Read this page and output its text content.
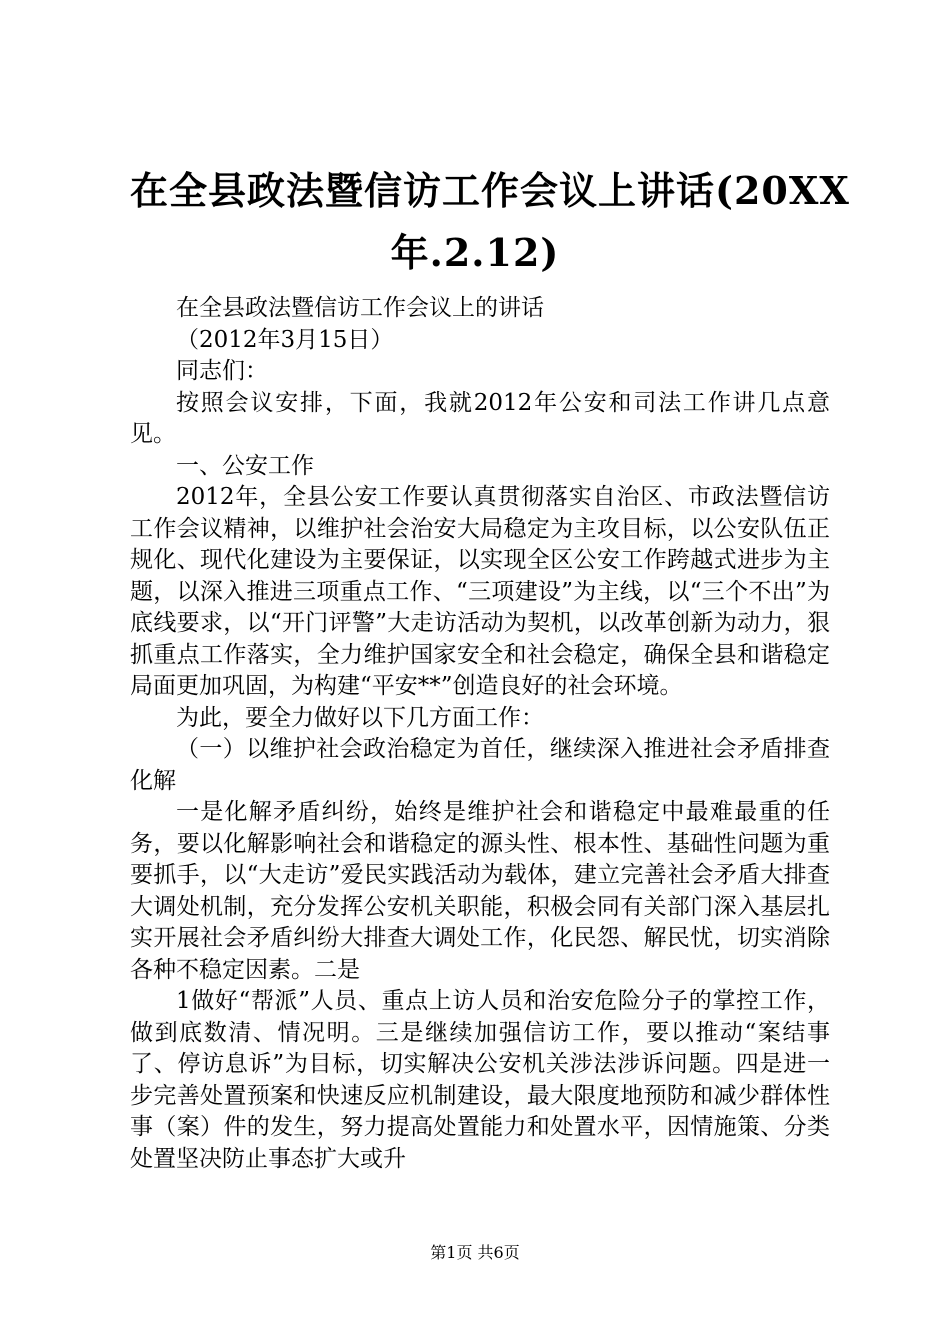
在全县政法暨信访工作会议上讲话(20XX
年.2.12)

在全县政法暨信访工作会议上的讲话

（2012年3月15日）

同志们：

按照会议安排，下面，我就2012年公安和司法工作讲几点意见。

一、公安工作

2012年，全县公安工作要认真贯彻落实自治区、市政法暨信访工作会议精神，以维护社会治安大局稳定为主攻目标，以公安队伍正规化、现代化建设为主要保证，以实现全区公安工作跨越式进步为主题，以深入推进三项重点工作、“三项建设”为主线，以“三个不出”为底线要求，以“开门评警”大走访活动为契机，以改革创新为动力，狠抓重点工作落实，全力维护国家安全和社会稳定，确保全县和谐稳定局面更加巩固，为构建“平安**”创造良好的社会环境。

为此，要全力做好以下几方面工作：

（一）以维护社会政治稳定为首任，继续深入推进社会矛盾排查化解

一是化解矛盾纠纷，始终是维护社会和谐稳定中最难最重的任务，要以化解影响社会和谐稳定的源头性、根本性、基础性问题为重要抓手，以“大走访”爱民实践活动为载体，建立完善社会矛盾大排查大调处机制，充分发挥公安机关职能，积极会同有关部门深入基层扎实开展社会矛盾纠纷大排查大调处工作，化民怨、解民忧，切实消除各种不稳定因素。二是

1做好“帮派”人员、重点上访人员和治安危险分子的掌控工作，做到底数清、情况明。三是继续加强信访工作，要以推动“案结事了、停访息诉”为目标，切实解决公安机关涉法涉诉问题。四是进一步完善处置预案和快速反应机制建设，最大限度地预防和减少群体性事（案）件的发生，努力提高处置能力和处置水平，因情施策、分类处置坚决防止事态扩大或升

第1页 共6页
